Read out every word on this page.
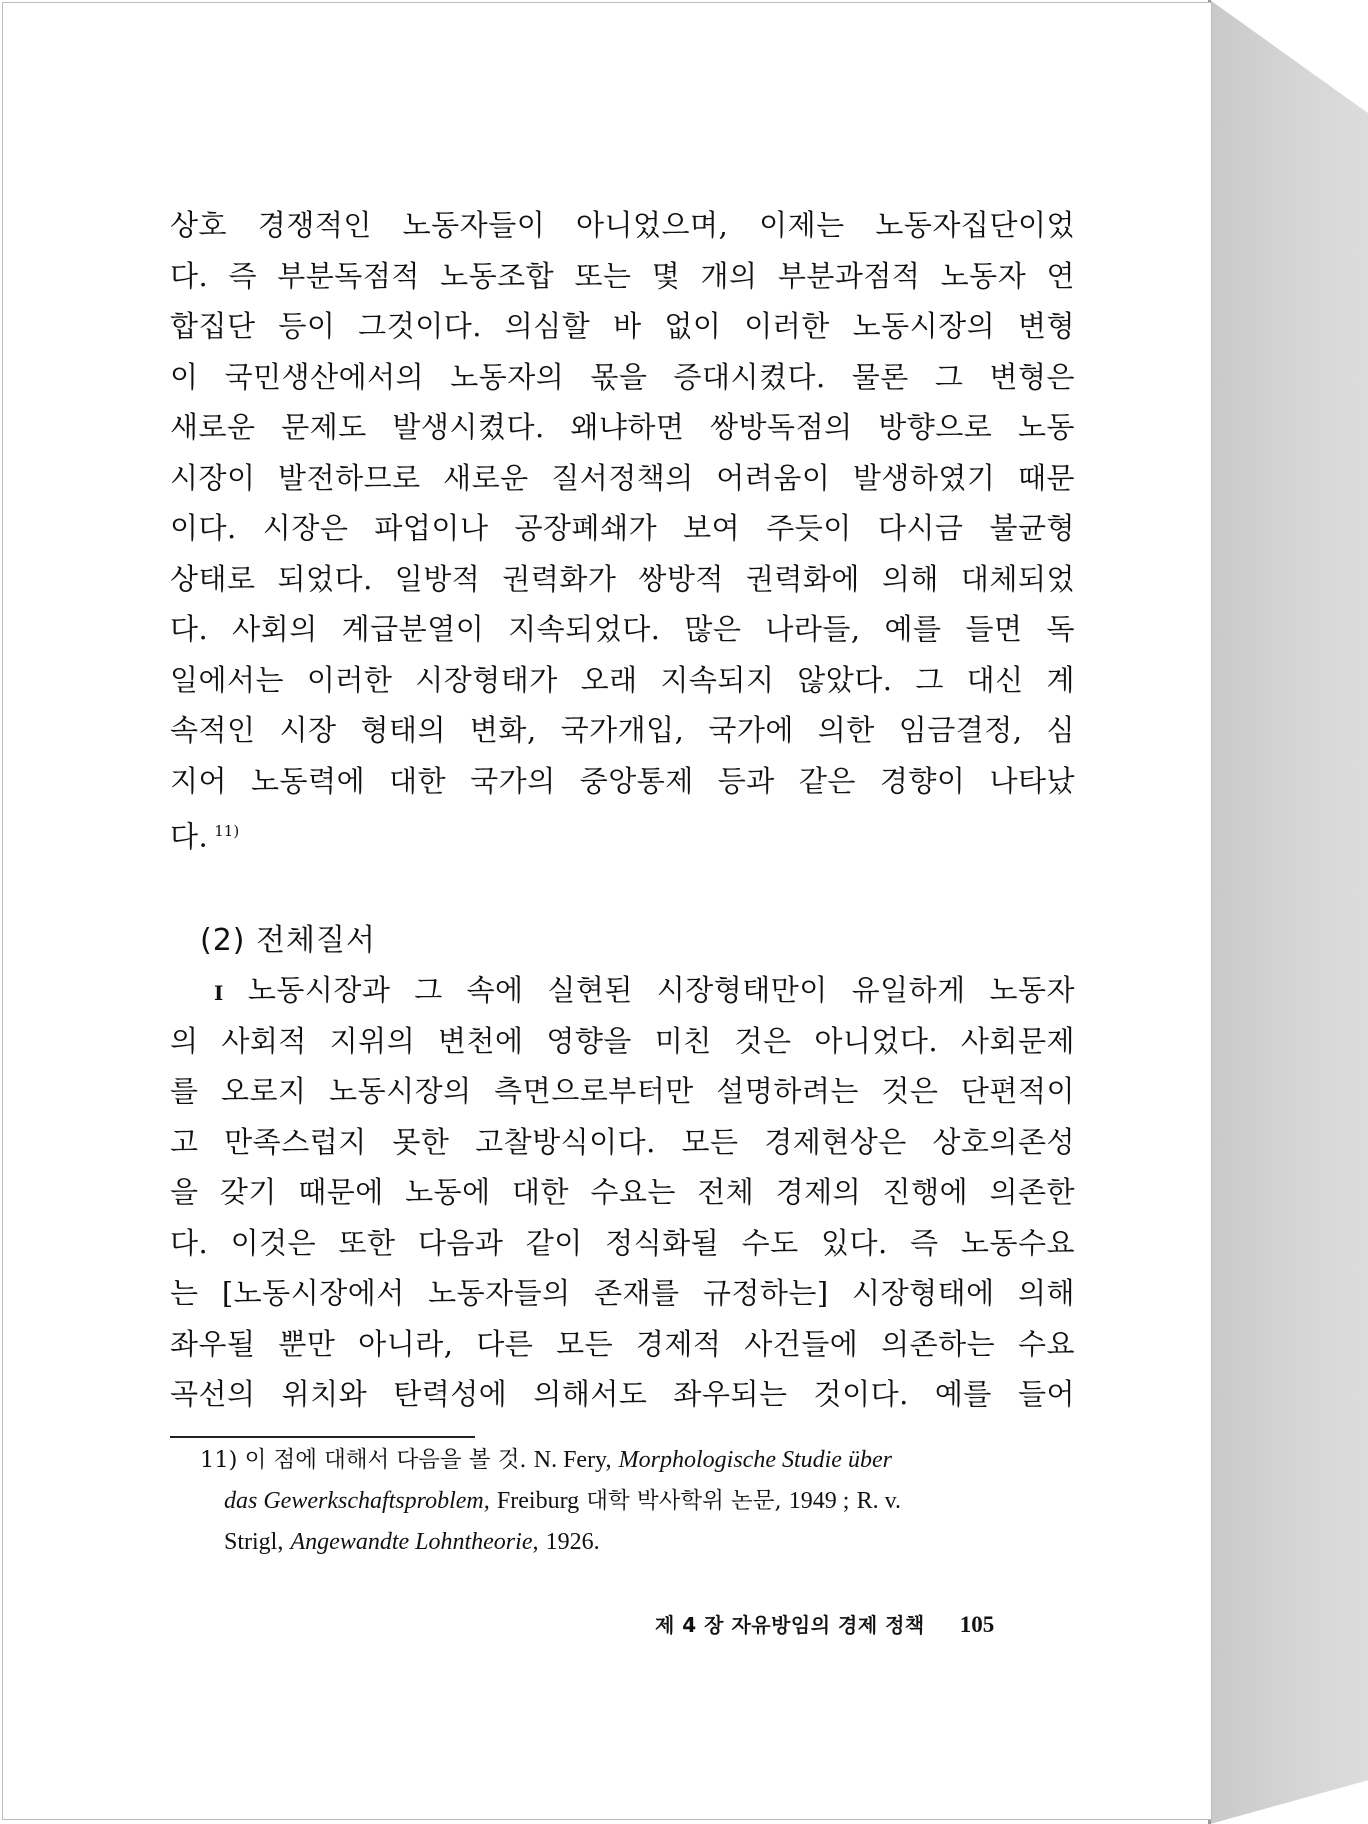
상호 경쟁적인 노동자들이 아니었으며, 이제는 노동자집단이었
다. 즉 부분독점적 노동조합 또는 몇 개의 부분과점적 노동자 연
합집단 등이 그것이다. 의심할 바 없이 이러한 노동시장의 변형
이 국민생산에서의 노동자의 몫을 증대시켰다. 물론 그 변형은
새로운 문제도 발생시켰다. 왜냐하면 쌍방독점의 방향으로 노동
시장이 발전하므로 새로운 질서정책의 어려움이 발생하였기 때문
이다. 시장은 파업이나 공장폐쇄가 보여 주듯이 다시금 불균형
상태로 되었다. 일방적 권력화가 쌍방적 권력화에 의해 대체되었
다. 사회의 계급분열이 지속되었다. 많은 나라들, 예를 들면 독
일에서는 이러한 시장형태가 오래 지속되지 않았다. 그 대신 계
속적인 시장 형태의 변화, 국가개입, 국가에 의한 임금결정, 심
지어 노동력에 대한 국가의 중앙통제 등과 같은 경향이 나타났
다. $^{11)}$
(2) 전체질서
I 노동시장과 그 속에 실현된 시장형태만이 유일하게 노동자
의 사회적 지위의 변천에 영향을 미친 것은 아니었다. 사회문제
를 오로지 노동시장의 측면으로부터만 설명하려는 것은 단편적이
고 만족스럽지 못한 고찰방식이다. 모든 경제현상은 상호의존성
을 갖기 때문에 노동에 대한 수요는 전체 경제의 진행에 의존한
다. 이것은 또한 다음과 같이 정식화될 수도 있다. 즉 노동수요
는 [노동시장에서 노동자들의 존재를 규정하는] 시장형태에 의해
좌우될 뿐만 아니라, 다른 모든 경제적 사건들에 의존하는 수요
곡선의 위치와 탄력성에 의해서도 좌우되는 것이다. 예를 들어
11) 이 점에 대해서 다음을 볼 것. N. Fery, Morphologische Studie über
das Gewerkschaftsproblem, Freiburg 대학 박사학위 논문, 1949 ; R. v.
Strigl, Angewandte Lohntheorie, 1926.
제 4 장 자유방임의 경제 정책 105
